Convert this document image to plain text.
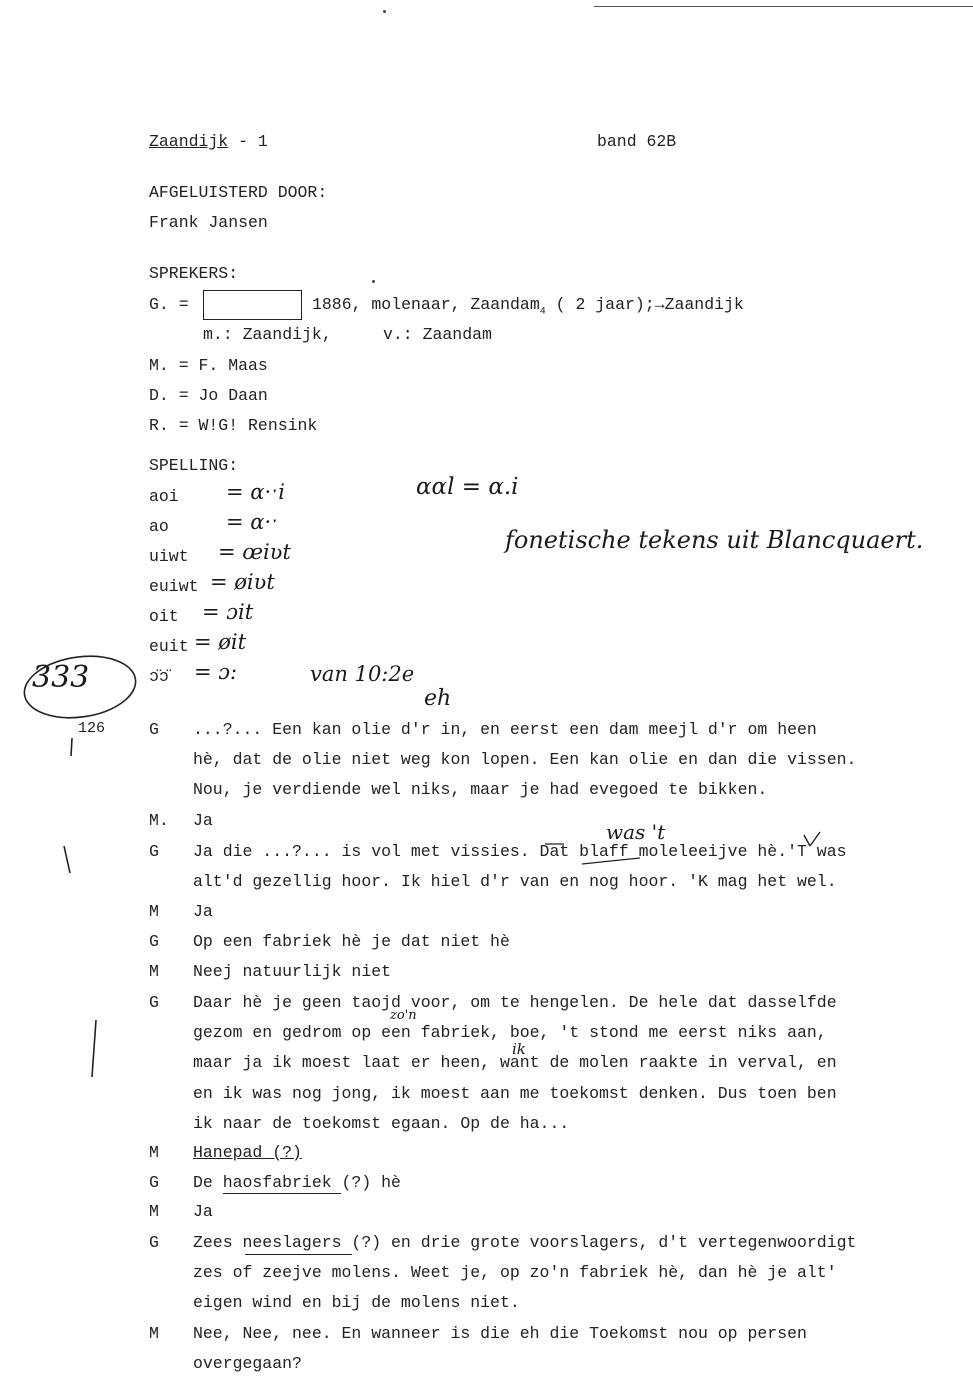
Zaandijk - 1	band 62B
AFGELUISTERD DOOR:
Frank Jansen
SPREKERS:
G. =	1886, molenaar, Zaandam$_4$ ( 2 jaar);→Zaandijk
m.: Zaandijk,	v.: Zaandam
M. = F. Maas
D. = Jo Daan
R. = W!G! Rensink
SPELLING:
aoi = ɑ·ˑi
ao	= ɑ·ˑ
uiwt = œiʋt
euiwt = øiʋt
oit = ɔit
euit = øit
ɔ̈ɔ̈ = ɔ:
ɑɑl = ɑ.i
fonetische tekens uit Blancquaert.
van 10:2e
333
126
eh
was 't
zo'n
ik
G ...?... Een kan olie d'r in, en eerst een dam meejl d'r om heen
hè, dat de olie niet weg kon lopen. Een kan olie en dan die vissen.
Nou, je verdiende wel niks, maar je had evegoed te bikken.
M. Ja
G Ja die ...?... is vol met vissies. Dat blaff moleleeijve hè.'T was
alt'd gezellig hoor. Ik hiel d'r van en nog hoor. 'K mag het wel.
M Ja
G Op een fabriek hè je dat niet hè
M Neej natuurlijk niet
G Daar hè je geen taojd voor, om te hengelen. De hele dat dasselfde
gezom en gedrom op een fabriek, boe, 't stond me eerst niks aan,
maar ja ik moest laat er heen, want de molen raakte in verval, en
en ik was nog jong, ik moest aan me toekomst denken. Dus toen ben
ik naar de toekomst egaan. Op de ha...
M Hanepad (?)
G De haosfabriek (?) hè
M Ja
G Zees neeslagers (?) en drie grote voorslagers, d't vertegenwoordigt
zes of zeejve molens. Weet je, op zo'n fabriek hè, dan hè je alt'
eigen wind en bij de molens niet.
M Nee, Nee, nee. En wanneer is die eh die Toekomst nou op persen
overgegaan?
